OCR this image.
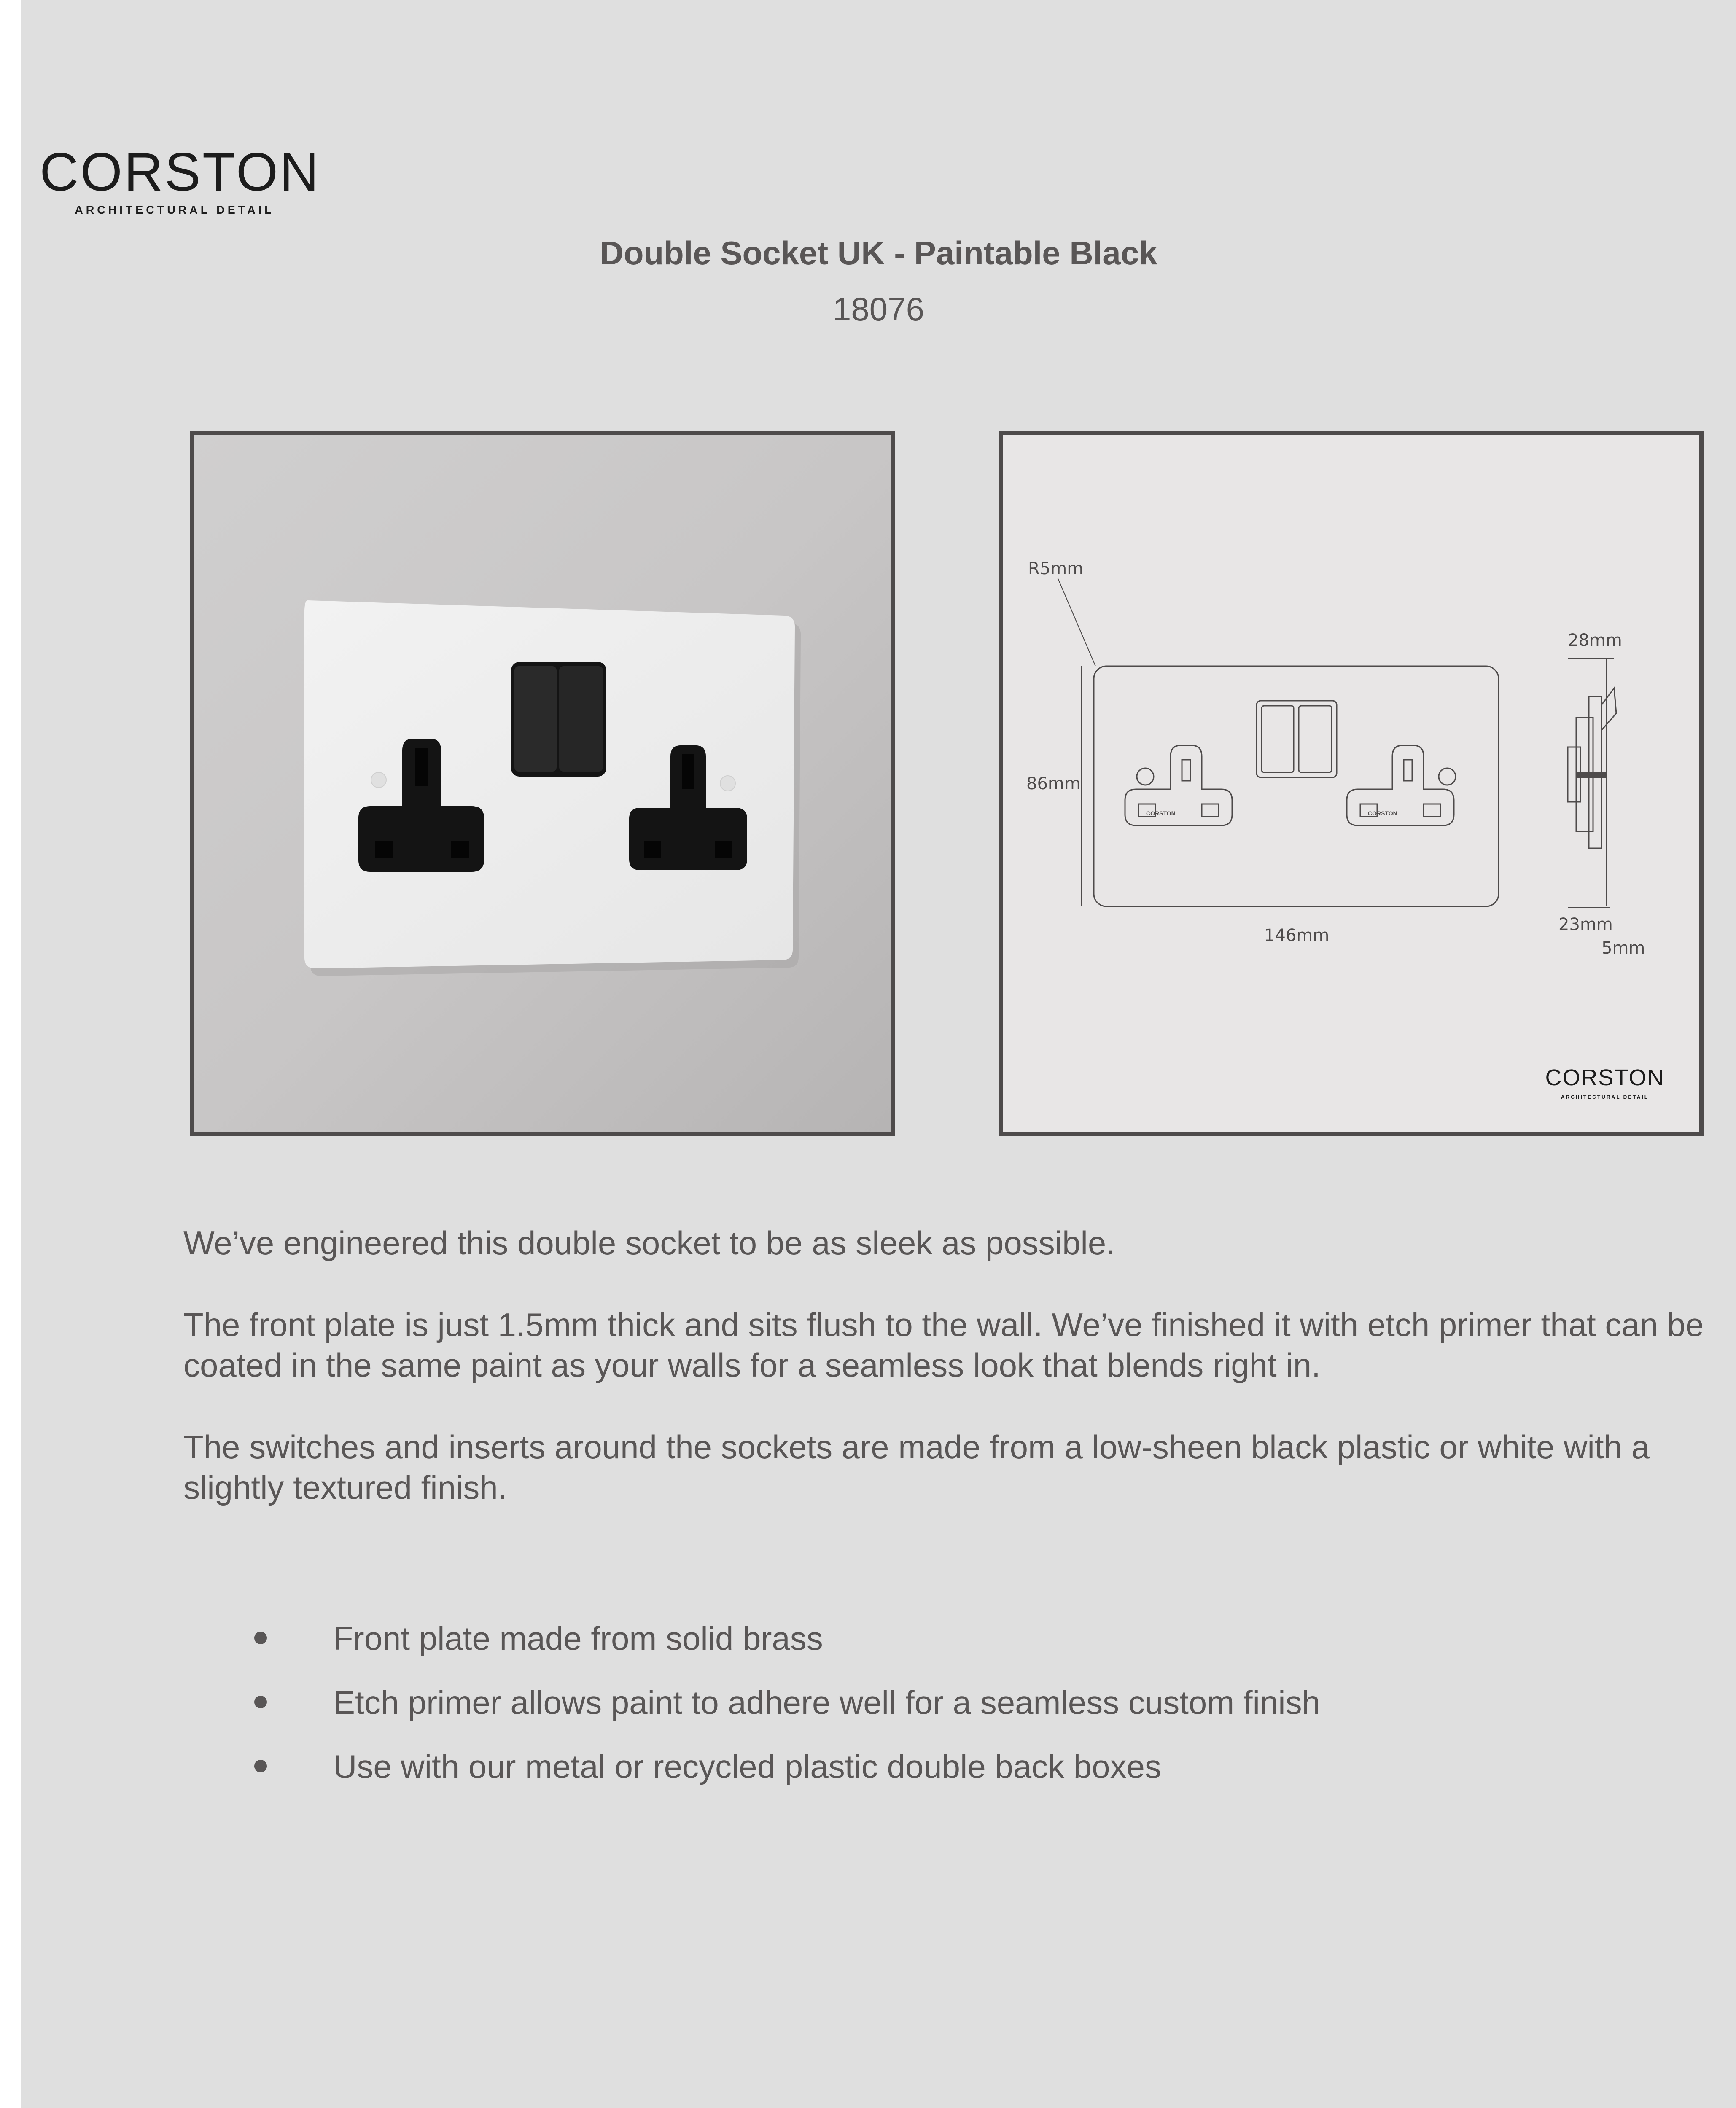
CORSTON
ARCHITECTURAL DETAIL
Double Socket UK - Paintable Black
18076
R5mm
86mm
146mm
28mm
23mm
5mm
CORSTON	CORSTON
CORSTON
ARCHITECTURAL DETAIL

We’ve engineered this double socket to be as sleek as possible.

The front plate is just 1.5mm thick and sits flush to the wall. We’ve finished it with etch primer that can be coated in the same paint as your walls for a seamless look that blends right in.

The switches and inserts around the sockets are made from a low-sheen black plastic or white with a slightly textured finish.

Front plate made from solid brass
Etch primer allows paint to adhere well for a seamless custom finish
Use with our metal or recycled plastic double back boxes
